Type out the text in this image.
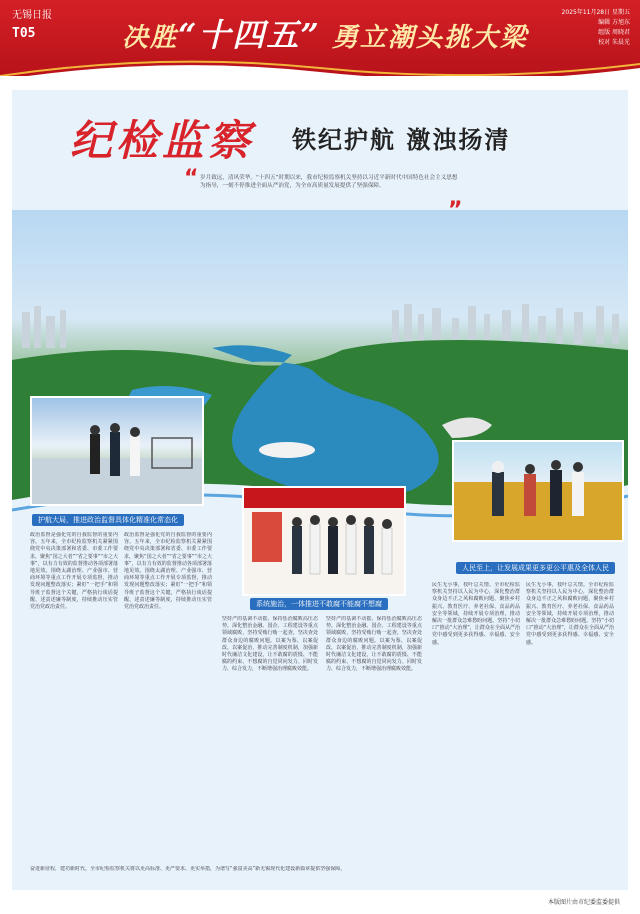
无锡日报
T05	决胜“十四五” 勇立潮头挑大梁
2025年11月28日 星期五
编辑 方旭东
组版 周晓君
校对 朱晨光
纪检监察 铁纪护航 激浊扬清
“ 岁月致远，清风荣华。“十四五”时期以来，我市纪检监察机关坚持以习近平新时代中国特色社会主义思想为指导，一刻不停推进全面从严治党，为全市高质量发展提供了坚强保障。
护航大局，推进政治监督具体化精准化常态化
系统施治，一体推进不敢腐不能腐不想腐
人民至上，让发展成果更多更公平惠及全体人民
政治监督是强化党的自我监督的重要内容。五年来，全市纪检监察机关紧紧围绕党中央决策部署和省委、市委工作要求，聚焦“国之大者”“省之要事”“市之大事”，以有力有效的监督推动各项部署落地见效。围绕太湖治理、产业强市、营商环境等重点工作开展专项监督，推动发现问题整改落实；紧盯“一把手”和领导班子监督这个关键，严格执行谈话提醒、述责述廉等制度，持续推动压实管党治党政治责任。
政治监督是强化党的自我监督的重要内容。五年来，全市纪检监察机关紧紧围绕党中央决策部署和省委、市委工作要求，聚焦“国之大者”“省之要事”“市之大事”，以有力有效的监督推动各项部署落地见效。围绕太湖治理、产业强市、营商环境等重点工作开展专项监督，推动发现问题整改落实；紧盯“一把手”和领导班子监督这个关键，严格执行谈话提醒、述责述廉等制度，持续推动压实管党治党政治责任。
坚持严的基调不动摇，保持惩治腐败高压态势。深化整治金融、国企、工程建设等重点领域腐败，坚持受贿行贿一起查，坚决查处群众身边的腐败问题。以案为鉴、以案促改、以案促治，推动完善制度机制，加强新时代廉洁文化建设，让不敢腐的震慑、不能腐的约束、不想腐的自觉同向发力、同时发力、综合发力，不断增强治理腐败效能。
坚持严的基调不动摇，保持惩治腐败高压态势。深化整治金融、国企、工程建设等重点领域腐败，坚持受贿行贿一起查，坚决查处群众身边的腐败问题。以案为鉴、以案促改、以案促治，推动完善制度机制，加强新时代廉洁文化建设，让不敢腐的震慑、不能腐的约束、不想腐的自觉同向发力、同时发力、综合发力，不断增强治理腐败效能。
民生无小事，枝叶总关情。全市纪检监察机关坚持以人民为中心，深化整治群众身边不正之风和腐败问题，聚焦乡村振兴、教育医疗、养老社保、食品药品安全等领域，持续开展专项治理，推动解决一批群众急难愁盼问题。坚持“小切口”推动“大治理”，让群众在全面从严治党中感受到更多获得感、幸福感、安全感。
民生无小事，枝叶总关情。全市纪检监察机关坚持以人民为中心，深化整治群众身边不正之风和腐败问题，聚焦乡村振兴、教育医疗、养老社保、食品药品安全等领域，持续开展专项治理，推动解决一批群众急难愁盼问题。坚持“小切口”推动“大治理”，让群众在全面从严治党中感受到更多获得感、幸福感、安全感。
奋进新征程，建功新时代。全市纪检监察机关将以更高标准、更严要求、更实举措，为谱写“强富美高”新无锡现代化建设新篇章提供坚强保障。
本版图片由市纪委监委提供
